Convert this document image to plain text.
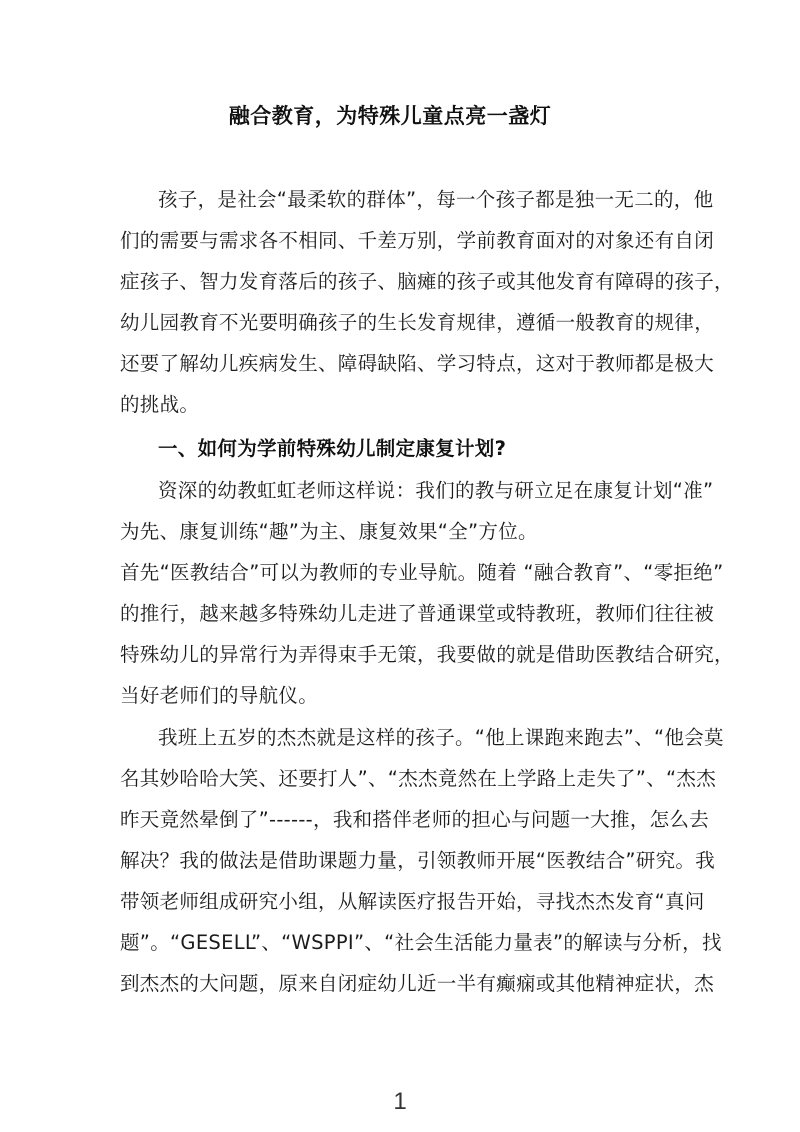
融合教育，为特殊儿童点亮一盏灯
孩子，是社会“最柔软的群体”，每一个孩子都是独一无二的，他
们的需要与需求各不相同、千差万别，学前教育面对的对象还有自闭
症孩子、智力发育落后的孩子、脑瘫的孩子或其他发育有障碍的孩子，
幼儿园教育不光要明确孩子的生长发育规律，遵循一般教育的规律，
还要了解幼儿疾病发生、障碍缺陷、学习特点，这对于教师都是极大
的挑战。
一、如何为学前特殊幼儿制定康复计划?
资深的幼教虹虹老师这样说：我们的教与研立足在康复计划“准”
为先、康复训练“趣”为主、康复效果“全”方位。
首先“医教结合”可以为教师的专业导航。随着 “融合教育”、“零拒绝”
的推行，越来越多特殊幼儿走进了普通课堂或特教班，教师们往往被
特殊幼儿的异常行为弄得束手无策，我要做的就是借助医教结合研究，
当好老师们的导航仪。
我班上五岁的杰杰就是这样的孩子。“他上课跑来跑去”、“他会莫
名其妙哈哈大笑、还要打人”、“杰杰竟然在上学路上走失了”、“杰杰
昨天竟然晕倒了”------，我和搭伴老师的担心与问题一大推，怎么去
解决？我的做法是借助课题力量，引领教师开展“医教结合”研究。我
带领老师组成研究小组，从解读医疗报告开始，寻找杰杰发育“真问
题”。“GESELL”、“WSPPI”、“社会生活能力量表”的解读与分析，找
到杰杰的大问题，原来自闭症幼儿近一半有癫痫或其他精神症状，杰
1
